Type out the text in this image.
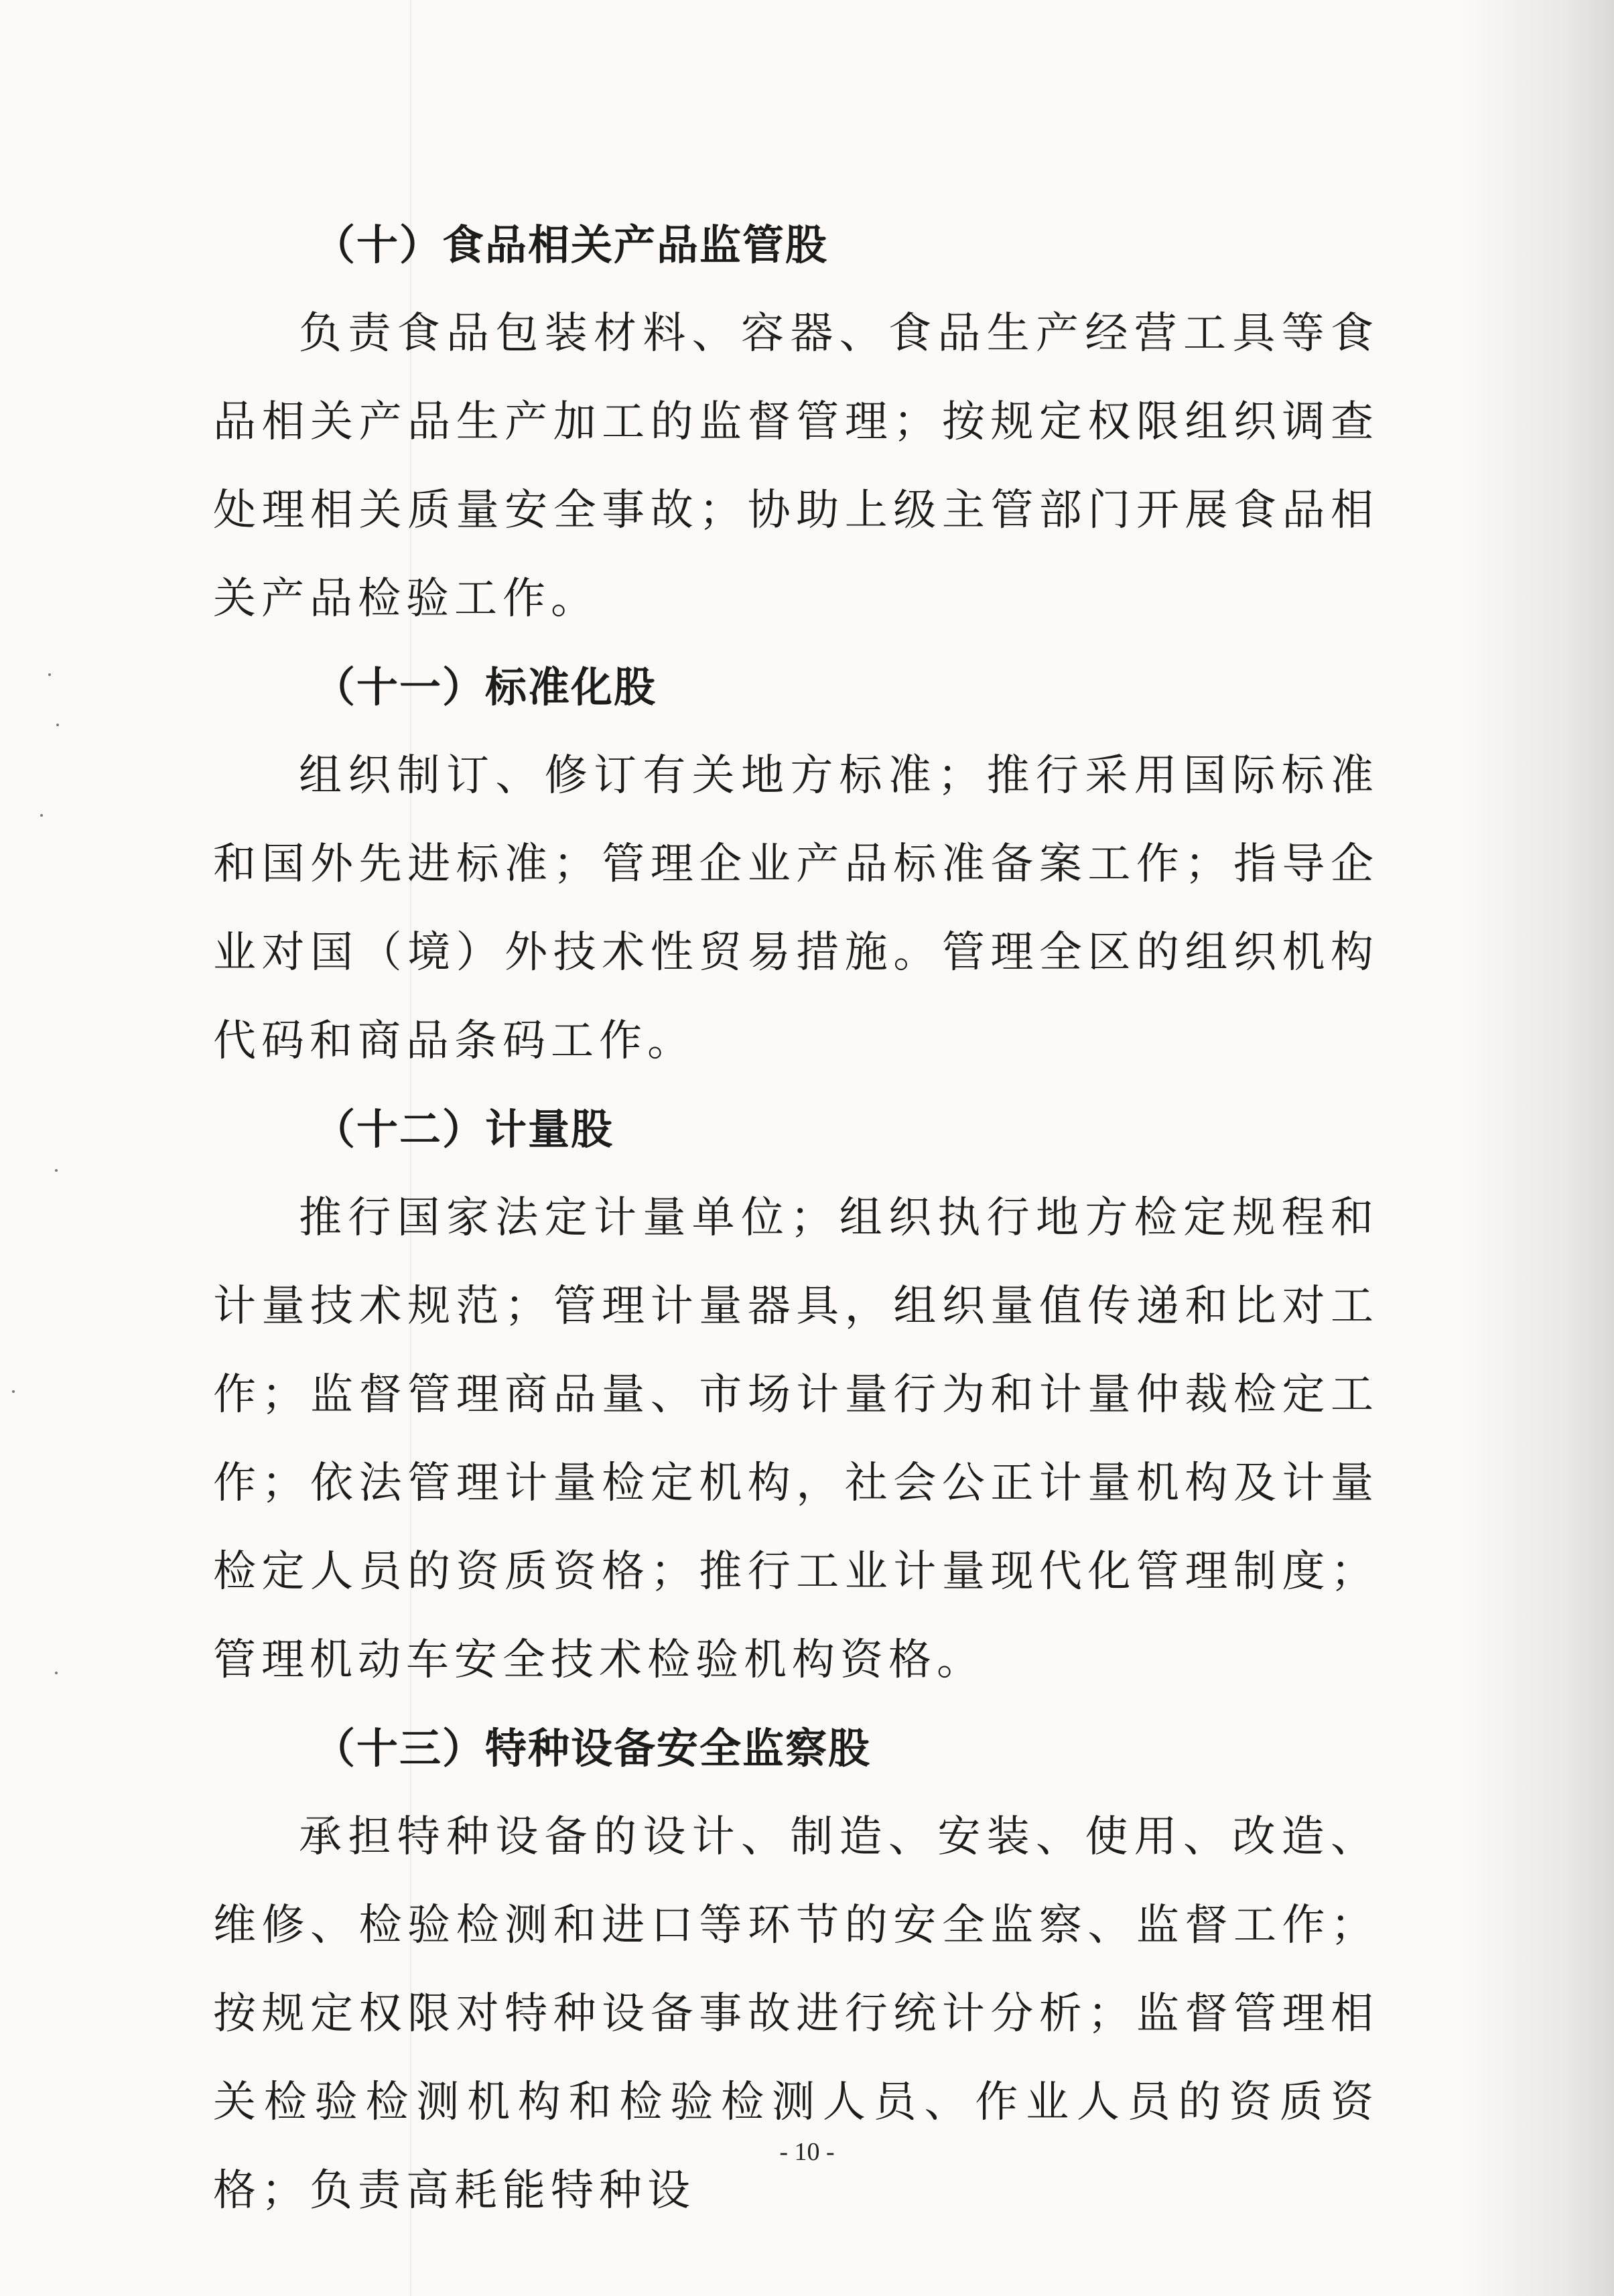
（十）食品相关产品监管股

负责食品包装材料、容器、食品生产经营工具等食品相关产品生产加工的监督管理；按规定权限组织调查处理相关质量安全事故；协助上级主管部门开展食品相关产品检验工作。

（十一）标准化股

组织制订、修订有关地方标准；推行采用国际标准和国外先进标准；管理企业产品标准备案工作；指导企业对国（境）外技术性贸易措施。管理全区的组织机构代码和商品条码工作。

（十二）计量股

推行国家法定计量单位；组织执行地方检定规程和计量技术规范；管理计量器具，组织量值传递和比对工作；监督管理商品量、市场计量行为和计量仲裁检定工作；依法管理计量检定机构，社会公正计量机构及计量检定人员的资质资格；推行工业计量现代化管理制度；管理机动车安全技术检验机构资格。

（十三）特种设备安全监察股

承担特种设备的设计、制造、安装、使用、改造、维修、检验检测和进口等环节的安全监察、监督工作；按规定权限对特种设备事故进行统计分析；监督管理相关检验检测机构和检验检测人员、作业人员的资质资格；负责高耗能特种设

- 10 -
